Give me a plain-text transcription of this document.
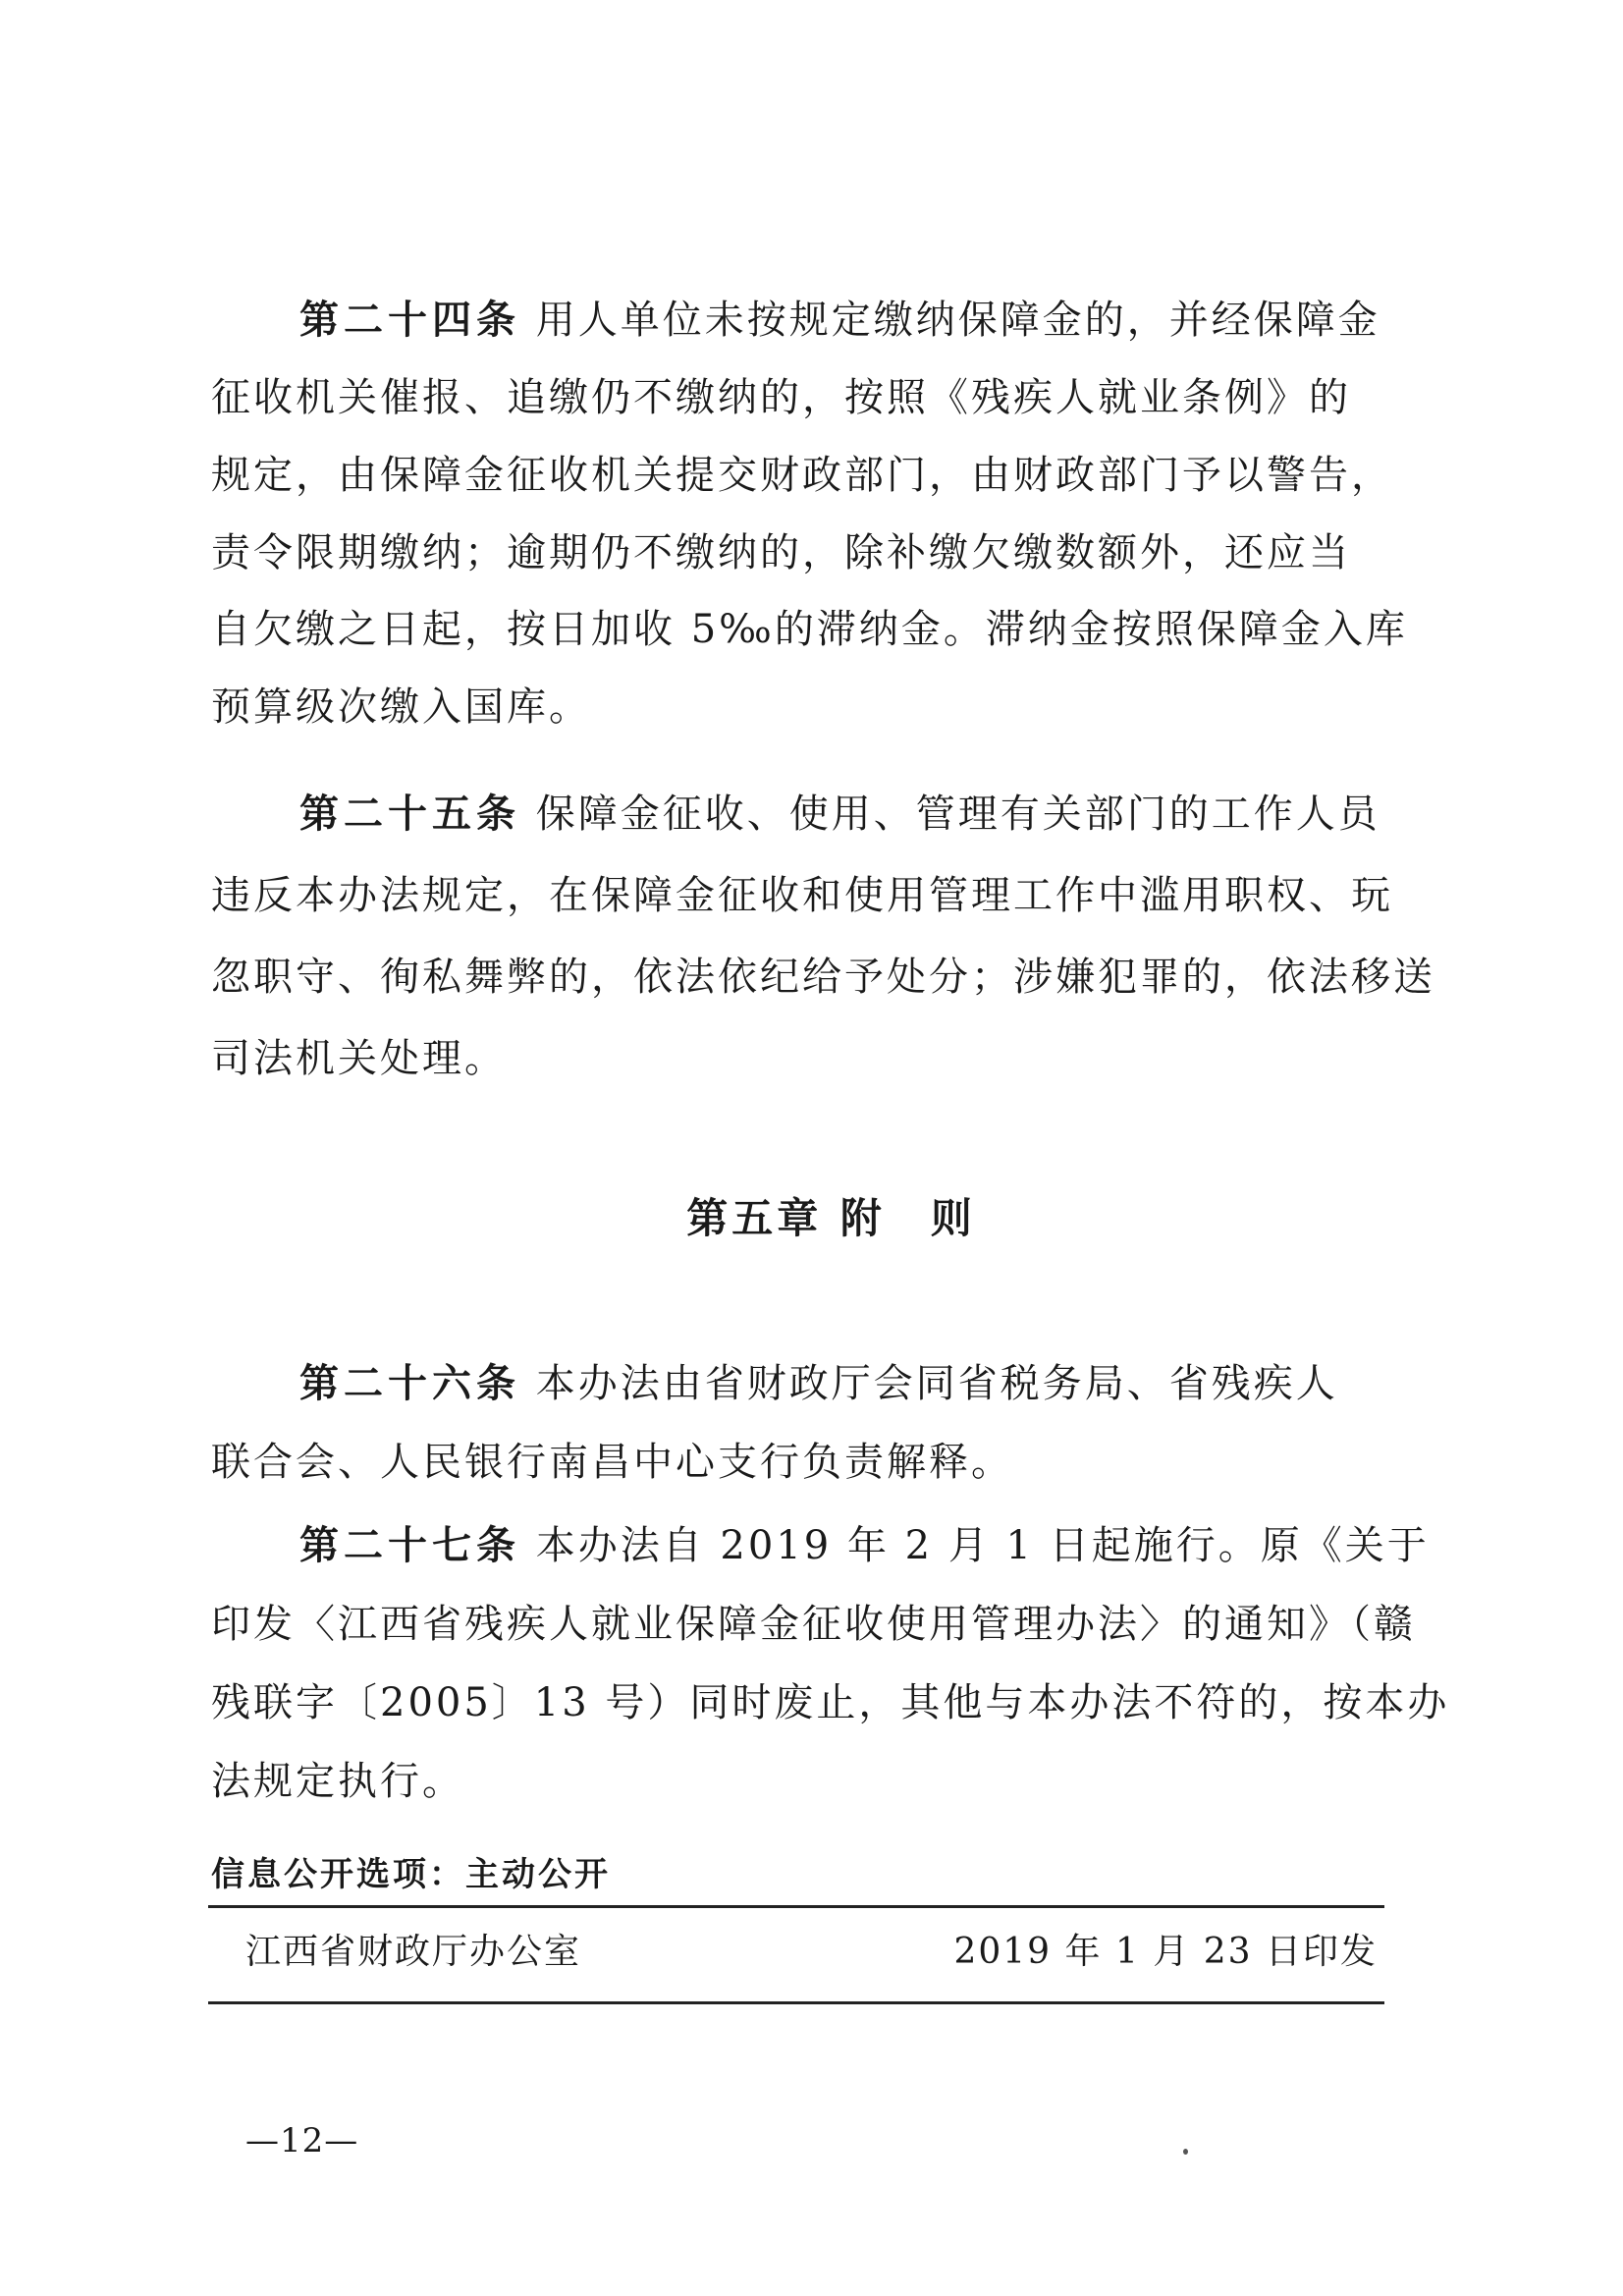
第二十四条 用人单位未按规定缴纳保障金的，并经保障金
征收机关催报、追缴仍不缴纳的，按照《残疾人就业条例》的
规定，由保障金征收机关提交财政部门，由财政部门予以警告，
责令限期缴纳；逾期仍不缴纳的，除补缴欠缴数额外，还应当
自欠缴之日起，按日加收 5‰的滞纳金。滞纳金按照保障金入库
预算级次缴入国库。
第二十五条 保障金征收、使用、管理有关部门的工作人员
违反本办法规定，在保障金征收和使用管理工作中滥用职权、玩
忽职守、徇私舞弊的，依法依纪给予处分；涉嫌犯罪的，依法移送
司法机关处理。
第五章 附　则
第二十六条 本办法由省财政厅会同省税务局、省残疾人
联合会、人民银行南昌中心支行负责解释。
第二十七条 本办法自 2019 年 2 月 1 日起施行。原《关于
印发〈江西省残疾人就业保障金征收使用管理办法〉的通知》（赣
残联字〔2005〕13 号）同时废止，其他与本办法不符的，按本办
法规定执行。
信息公开选项：主动公开
江西省财政厅办公室	2019 年 1 月 23 日印发
—12—
